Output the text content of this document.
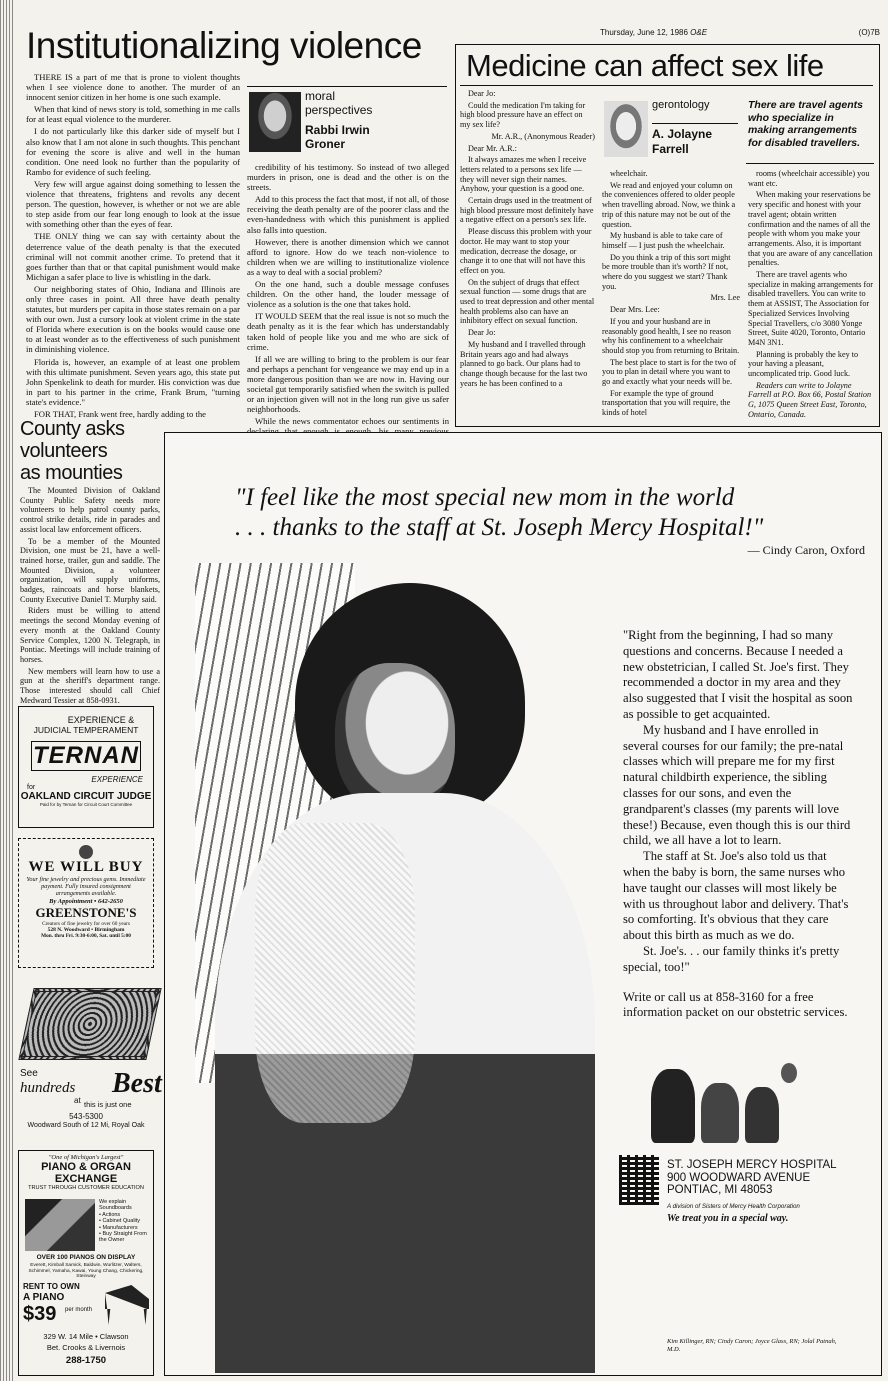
Institutionalizing violence

THERE IS a part of me that is prone to violent thoughts when I see violence done to another. The murder of an innocent senior citizen in her home is one such example.

When that kind of news story is told, something in me calls for at least equal violence to the murderer.

I do not particularly like this darker side of myself but I also know that I am not alone in such thoughts. This penchant for evening the score is alive and well in the human condition. One need look no further than the popularity of Rambo for evidence of such feeling.

Very few will argue against doing something to lessen the violence that threatens, frightens and revolts any decent person. The question, however, is whether or not we are able to step aside from our fear long enough to look at the issue with something other than the eyes of fear.

THE ONLY thing we can say with certainty about the deterrence value of the death penalty is that the executed criminal will not commit another crime. To pretend that it goes further than that or that capital punishment would make Michigan a safer place to live is whistling in the dark.

Our neighboring states of Ohio, Indiana and Illinois are only three cases in point. All three have death penalty statutes, but murders per capita in those states remain on a par with our own. Just a cursory look at violent crime in the state of Florida where execution is on the books would cause one to at least wonder as to the effectiveness of such punishment in diminishing violence.

Florida is, however, an example of at least one problem with this ultimate punishment. Seven years ago, this state put John Spenkelink to death for murder. His conviction was due in part to his partner in the crime, Frank Brum, "turning state's evidence."

FOR THAT, Frank went free, hardly adding to the

moral perspectives
Rabbi Irwin Groner

credibility of his testimony. So instead of two alleged murders in prison, one is dead and the other is on the streets.

Add to this process the fact that most, if not all, of those receiving the death penalty are of the poorer class and the even-handedness with which this punishment is applied also falls into question.

However, there is another dimension which we cannot afford to ignore. How do we teach non-violence to children when we are willing to institutionalize violence as a way to deal with a social problem?

On the one hand, such a double message confuses children. On the other hand, the louder message of violence as a solution is the one that takes hold.

IT WOULD SEEM that the real issue is not so much the death penalty as it is the fear which has understandably taken hold of people like you and me who are sick of crime.

If all we are willing to bring to the problem is our fear and perhaps a penchant for vengeance we may end up in a more dangerous position than we are now in. Having our societal gut temporarily satisfied when the switch is pulled or an injection given will not in the long run give us safer neighborhoods.

While the news commentator echoes our sentiments in

Thursday, June 12, 1986 O&E	(O)7B
Medicine can affect sex life

Dear Jo:

Could the medication I'm taking for high blood pressure have an effect on my sex life?

Mr. A.R., (Anonymous Reader)

Dear Mr. A.R.:

It always amazes me when I receive letters related to a persons sex life — they will never sign their names. Anyhow, your question is a good one.

Certain drugs used in the treatment of high blood pressure most definitely have a negative effect on a person's sex life.

Please discuss this problem with your doctor. He may want to stop your medication, decrease the dosage, or change it to one that will not have this effect on you.

On the subject of drugs that effect sexual function — some drugs that are used to treat depression and other mental health problems also can have an inhibitory effect on sexual function.

Dear Jo:

My husband and I travelled through Britain years ago and had always planned to go back. Our plans had to change though because for the last two years he has been confined to a

gerontology
A. Jolayne Farrell

wheelchair.

We read and enjoyed your column on the conveniences offered to older people when travelling abroad. Now, we think a trip of this nature may not be out of the question.

My husband is able to take care of himself — I just push the wheelchair.

Do you think a trip of this sort might be more trouble than it's worth? If not, where do you suggest we start? Thank you.

Mrs. Lee

Dear Mrs. Lee:

If you and your husband are in reasonably good health, I see no reason why his confinement to a wheelchair should stop you from returning to Britain.

The best place to start is for the two of you to plan in detail where you want to go and exactly what your needs will be.

For example the type of ground transportation that you will require, the kinds of hotel

There are travel agents who specialize in making arrangements for disabled travellers.

rooms (wheelchair accessible) you want etc.

When making your reservations be very specific and honest with your travel agent; obtain written confirmation and the names of all the people with whom you make your arrangements. Also, it is important that you are aware of any cancellation penalties.

There are travel agents who specialize in making arrangements for disabled travellers. You can write to them at ASSIST, The Association for Specialized Services Involving Special Travellers, c/o 3080 Yonge Street, Suite 4020, Toronto, Ontario M4N 3N1.

Planning is probably the key to your having a pleasant, uncomplicated trip. Good luck.

Readers can write to Jolayne Farrell at P.O. Box 66, Postal Station G, 1075 Queen Street East, Toronto, Ontario, Canada.

County asks
volunteers
as mounties

The Mounted Division of Oakland County Public Safety needs more volunteers to help patrol county parks, control strike details, ride in parades and assist local law enforcement officers.

To be a member of the Mounted Division, one must be 21, have a well-trained horse, trailer, gun and saddle. The Mounted Division, a volunteer organization, will supply uniforms, badges, raincoats and horse blankets, County Executive Daniel T. Murphy said.

Riders must be willing to attend meetings the second Monday evening of every month at the Oakland County Service Complex, 1200 N. Telegraph, in Pontiac. Meetings will include training of horses.

New members will learn how to use a gun at the sheriff's department range. Those interested should call Chief Medward Tessier at 858-0931.

EXPERIENCE &
JUDICIAL TEMPERAMENT
TERNAN
EXPERIENCE
for
OAKLAND CIRCUIT JUDGE
Paid for by Ternan for Circuit Court Committee
WE WILL BUY
Your fine jewelry and precious gems. Immediate payment. Fully insured consignment arrangements available.
By Appointment • 642-2650
GREENSTONE'S
Creators of fine jewelry for over 60 years
528 N. Woodward • Birmingham
Mon. thru Fri. 9:30-6:00, Sat. until 5:00
See
hundreds
at
Best
this is just one
543-5300
Woodward South of 12 Mi, Royal Oak
"One of Michigan's Largest"
PIANO & ORGAN
EXCHANGE
TRUST THROUGH CUSTOMER EDUCATION
We explain Soundboards
• Actions
• Cabinet Quality
• Manufacturers
• Buy Straight From the Owner
OVER 100 PIANOS ON DISPLAY
Everett, Kimball Samick, Baldwin, Wurlitzer, Walters, Schimmel, Yamaha, Kawai, Young Chang, Chickering, Steinway
RENT TO OWN
A PIANO
$39 per month
329 W. 14 Mile • Clawson
Bet. Crooks & Livernois
288-1750
"I feel like the most special new mom in the world
. . . thanks to the staff at St. Joseph Mercy Hospital!"
— Cindy Caron, Oxford

"Right from the beginning, I had so many questions and concerns. Because I needed a new obstetrician, I called St. Joe's first. They recommended a doctor in my area and they also suggested that I visit the hospital as soon as possible to get acquainted.

My husband and I have enrolled in several courses for our family; the pre-natal classes which will prepare me for my first natural childbirth experience, the sibling classes for our sons, and even the grandparent's classes (my parents will love these!) Because, even though this is our third child, we all have a lot to learn.

The staff at St. Joe's also told us that when the baby is born, the same nurses who have taught our classes will most likely be with us throughout labor and delivery. That's so comforting. It's obvious that they care about this birth as much as we do.

St. Joe's. . . our family thinks it's pretty special, too!"

Write or call us at 858-3160 for a free information packet on our obstetric services.

ST. JOSEPH MERCY HOSPITAL
900 WOODWARD AVENUE
PONTIAC, MI 48053
A division of Sisters of Mercy Health Corporation
We treat you in a special way.
Kim Killinger, RN; Cindy Caron; Joyce Glass, RN; Jolal Patnah, M.D.
